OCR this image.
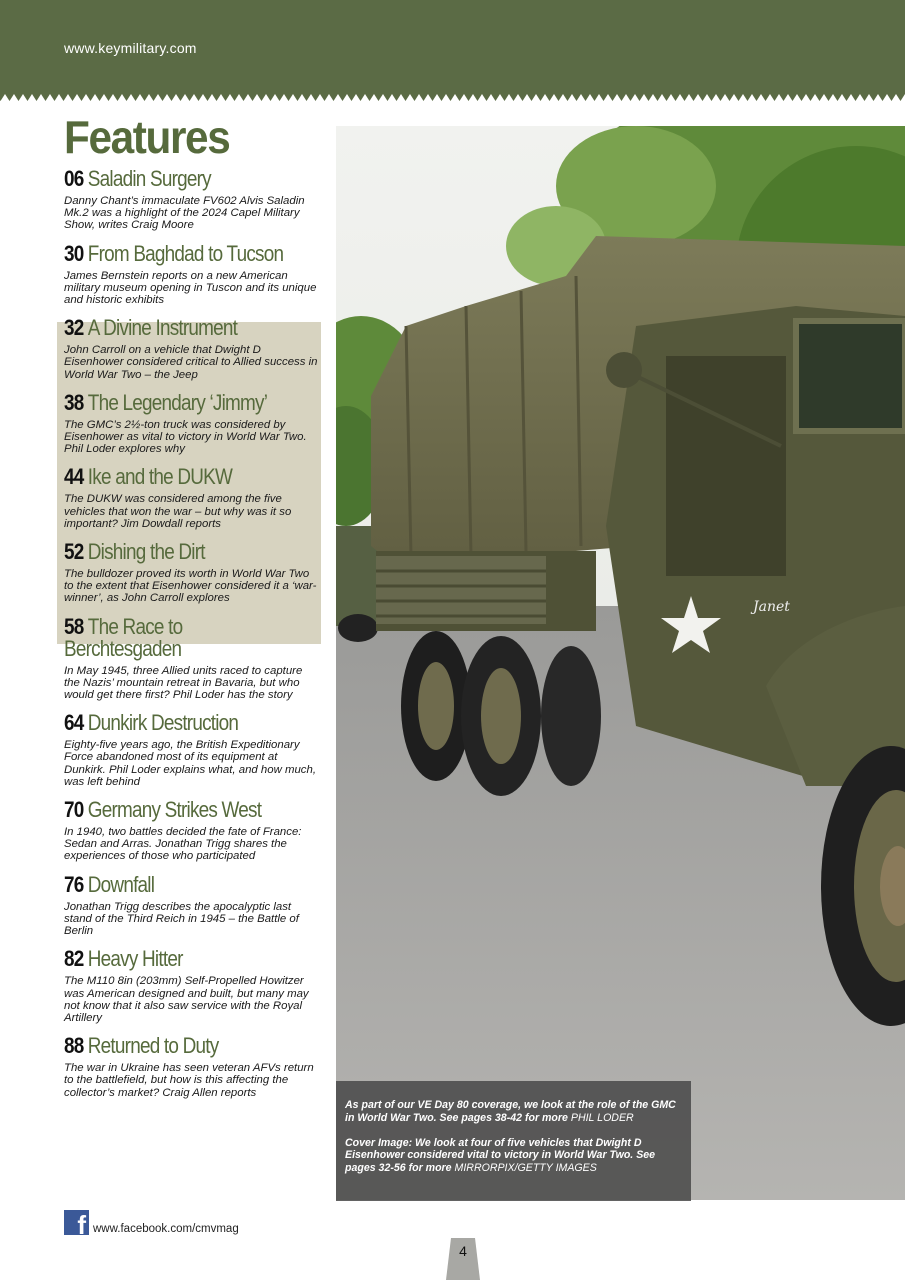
www.keymilitary.com
Features
06 Saladin Surgery

Danny Chant’s immaculate FV602 Alvis Saladin Mk.2 was a highlight of the 2024 Capel Military Show, writes Craig Moore

30 From Baghdad to Tucson

James Bernstein reports on a new American military museum opening in Tuscon and its unique and historic exhibits

32 A Divine Instrument

John Carroll on a vehicle that Dwight D Eisenhower considered critical to Allied success in World War Two – the Jeep

38 The Legendary ‘Jimmy’

The GMC’s 2½-ton truck was considered by Eisenhower as vital to victory in World War Two. Phil Loder explores why

44 Ike and the DUKW

The DUKW was considered among the five vehicles that won the war – but why was it so important? Jim Dowdall reports

52 Dishing the Dirt

The bulldozer proved its worth in World War Two to the extent that Eisenhower considered it a ‘war-winner’, as John Carroll explores

58 The Race to Berchtesgaden

In May 1945, three Allied units raced to capture the Nazis’ mountain retreat in Bavaria, but who would get there first? Phil Loder has the story

64 Dunkirk Destruction

Eighty-five years ago, the British Expeditionary Force abandoned most of its equipment at Dunkirk. Phil Loder explains what, and how much, was left behind

70 Germany Strikes West

In 1940, two battles decided the fate of France: Sedan and Arras. Jonathan Trigg shares the experiences of those who participated

76 Downfall

Jonathan Trigg describes the apocalyptic last stand of the Third Reich in 1945 – the Battle of Berlin

82 Heavy Hitter

The M110 8in (203mm) Self-Propelled Howitzer was American designed and built, but many may not know that it also saw service with the Royal Artillery

88 Returned to Duty

The war in Ukraine has seen veteran AFVs return to the battlefield, but how is this affecting the collector’s market? Craig Allen reports

Janet

As part of our VE Day 80 coverage, we look at the role of the GMC in World War Two. See pages 38-42 for more PHIL LODER

Cover Image: We look at four of five vehicles that Dwight D Eisenhower considered vital to victory in World War Two. See pages 32-56 for more MIRRORPIX/GETTY IMAGES

f www.facebook.com/cmvmag
4
